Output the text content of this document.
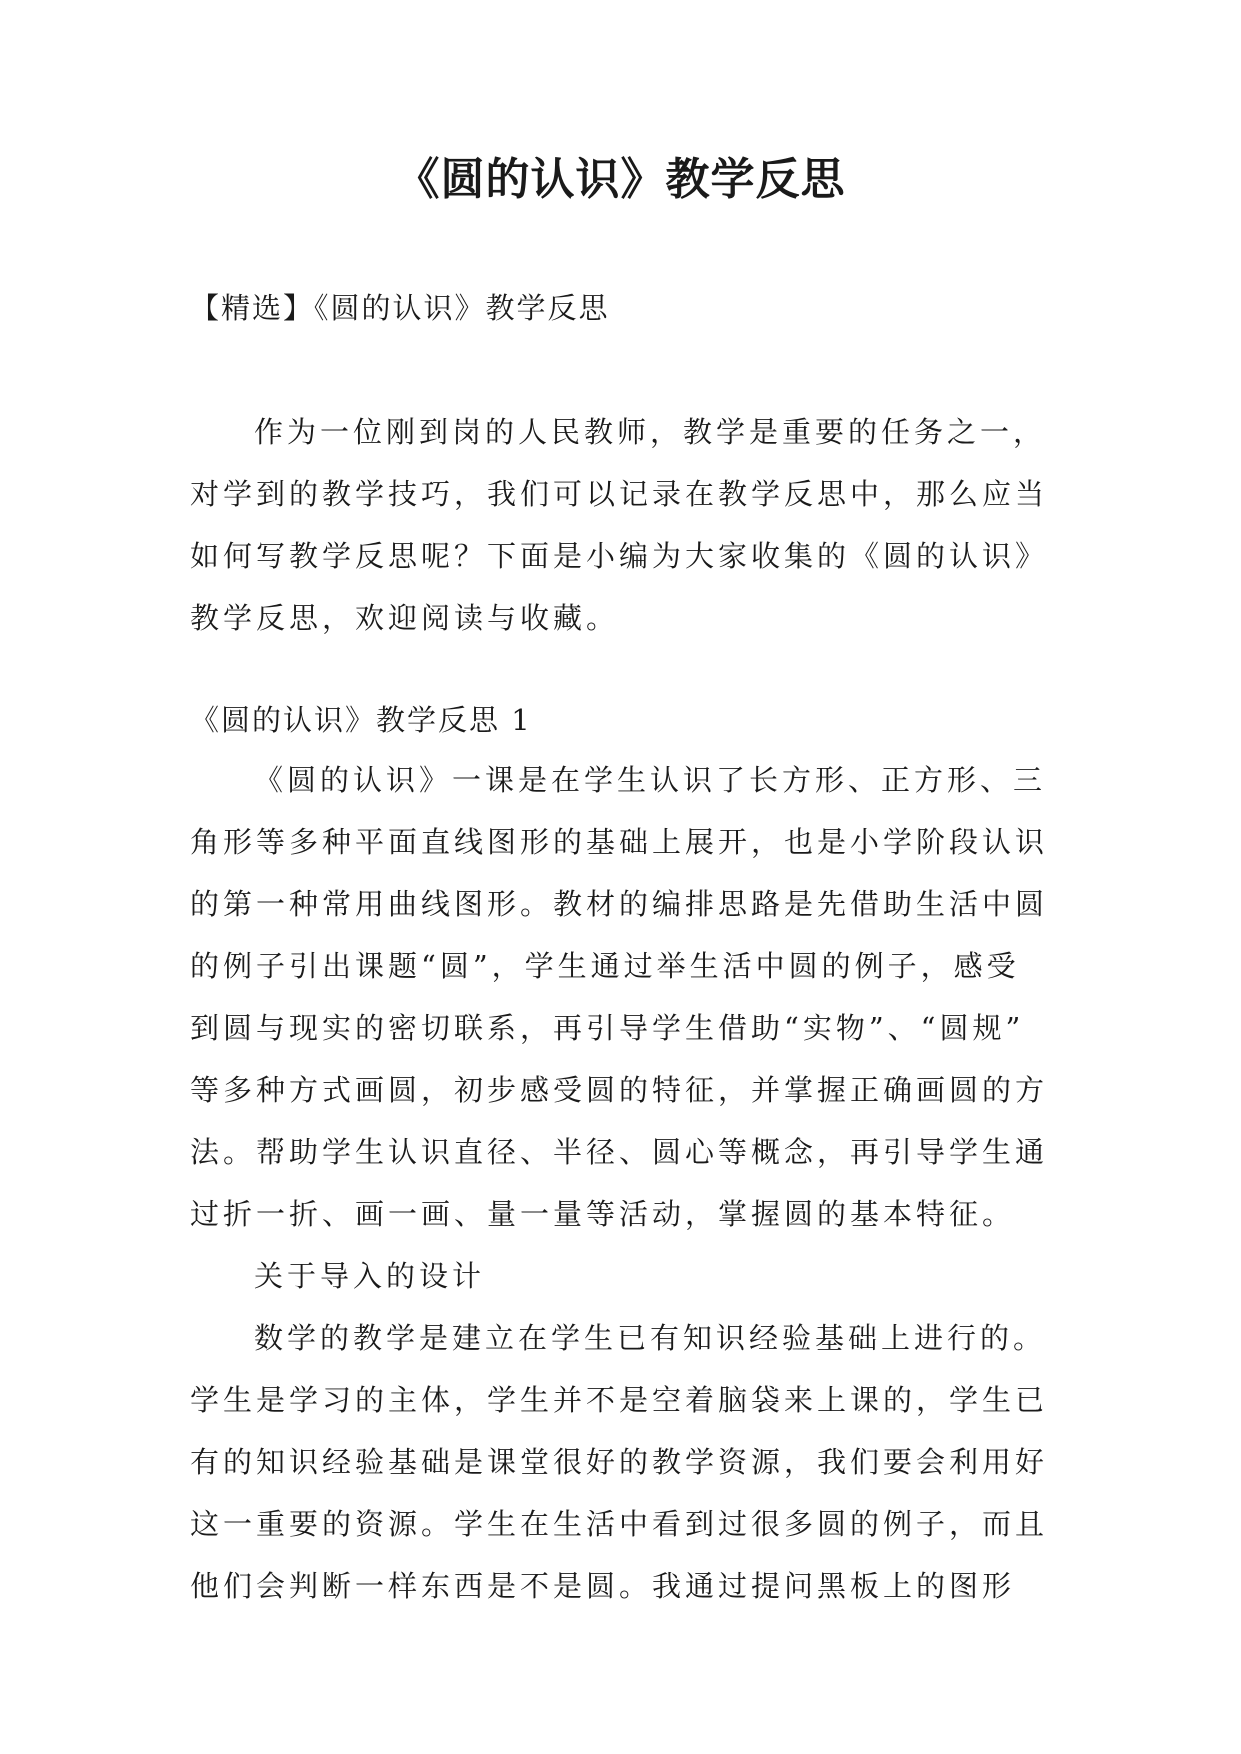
《圆的认识》教学反思
【精选】《圆的认识》教学反思
作为一位刚到岗的人民教师，教学是重要的任务之一，
对学到的教学技巧，我们可以记录在教学反思中，那么应当
如何写教学反思呢？下面是小编为大家收集的《圆的认识》
教学反思，欢迎阅读与收藏。
《圆的认识》教学反思 1
《圆的认识》一课是在学生认识了长方形、正方形、三
角形等多种平面直线图形的基础上展开，也是小学阶段认识
的第一种常用曲线图形。教材的编排思路是先借助生活中圆
的例子引出课题“圆”，学生通过举生活中圆的例子，感受
到圆与现实的密切联系，再引导学生借助“实物”、“圆规”
等多种方式画圆，初步感受圆的特征，并掌握正确画圆的方
法。帮助学生认识直径、半径、圆心等概念，再引导学生通
过折一折、画一画、量一量等活动，掌握圆的基本特征。
关于导入的设计
数学的教学是建立在学生已有知识经验基础上进行的。
学生是学习的主体，学生并不是空着脑袋来上课的，学生已
有的知识经验基础是课堂很好的教学资源，我们要会利用好
这一重要的资源。学生在生活中看到过很多圆的例子，而且
他们会判断一样东西是不是圆。我通过提问黑板上的图形
